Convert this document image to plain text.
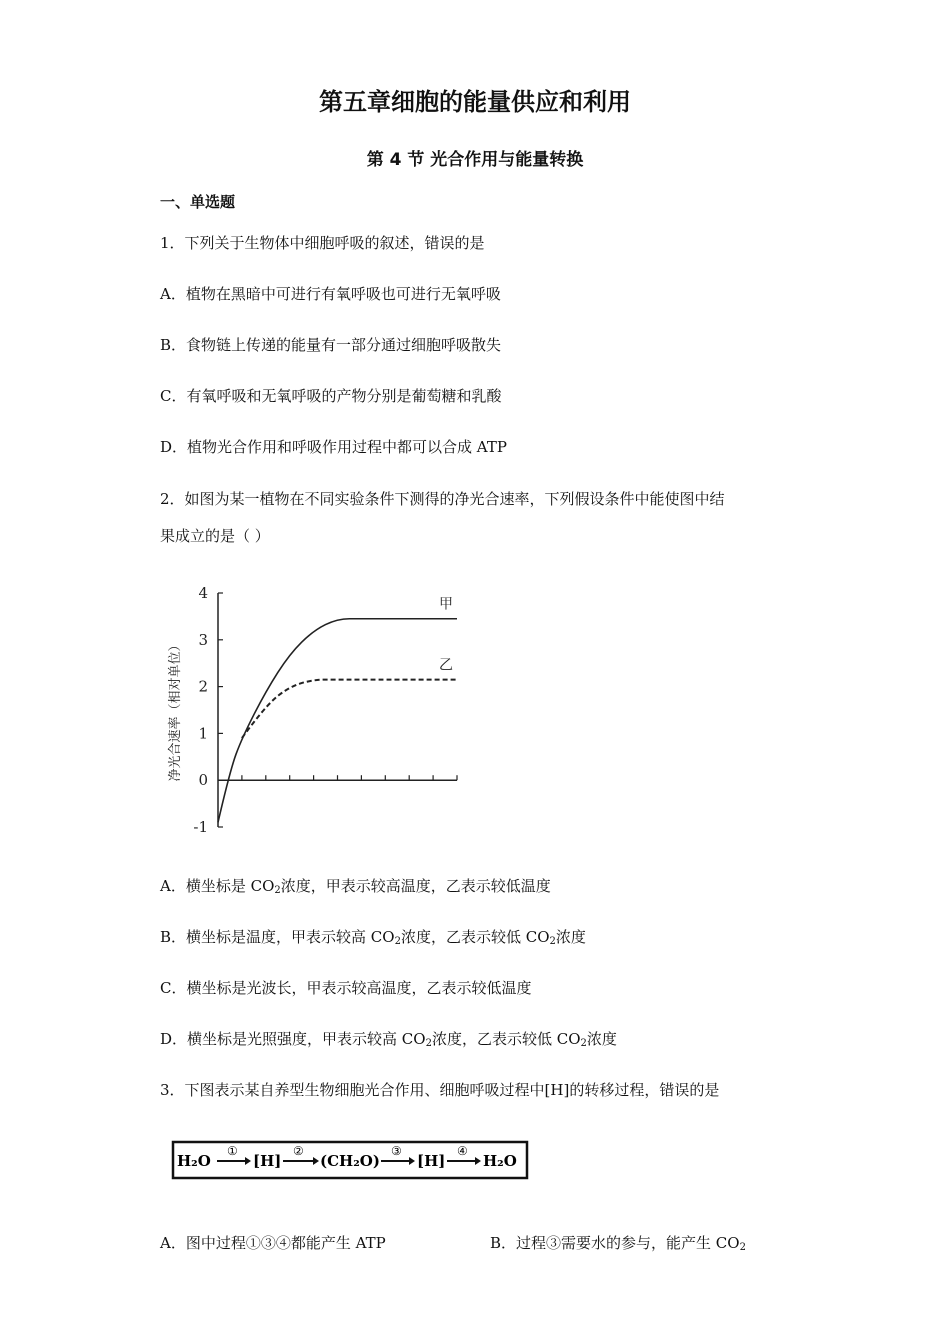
第五章细胞的能量供应和利用
第 4 节 光合作用与能量转换
一、单选题
1．下列关于生物体中细胞呼吸的叙述，错误的是
A．植物在黑暗中可进行有氧呼吸也可进行无氧呼吸
B．食物链上传递的能量有一部分通过细胞呼吸散失
C．有氧呼吸和无氧呼吸的产物分别是葡萄糖和乳酸
D．植物光合作用和呼吸作用过程中都可以合成 ATP
2．如图为某一植物在不同实验条件下测得的净光合速率，下列假设条件中能使图中结
果成立的是（ ）
4
3
2
1
0
-1
净光合速率（相对单位）
甲
乙
A．横坐标是 $CO_2$浓度，甲表示较高温度，乙表示较低温度
B．横坐标是温度，甲表示较高 $CO_2$浓度，乙表示较低 $CO_2$浓度
C．横坐标是光波长，甲表示较高温度，乙表示较低温度
D．横坐标是光照强度，甲表示较高 $CO_2$浓度，乙表示较低 $CO_2$浓度
3．下图表示某自养型生物细胞光合作用、细胞呼吸过程中[H]的转移过程，错误的是
H₂O
①
[H]
②
(CH₂O)
③
[H]
④
H₂O
A．图中过程①③④都能产生 ATP	B．过程③需要水的参与，能产生 $CO_2$
